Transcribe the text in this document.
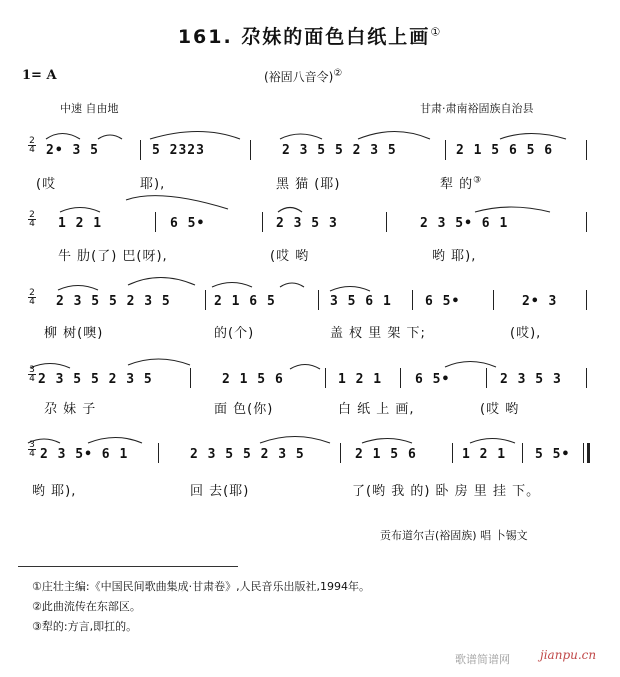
161. 尕妹的面色白纸上画①
1= A	(裕固八音令)②
中速 自由地	甘肃·肃南裕固族自治县
2
4 2• 3 5	5 2323	2 3 5 5 2 3 5	2 1 5 6 5 6
(哎	耶),	黑 猫 (耶)	犁 的③
2
4 1 2 1	6 5•	2 3 5 3	2 3 5• 6 1
牛 肋(了) 巴(呀),	(哎 哟	哟 耶),
2
4 2 3 5 5 2 3 5	2 1 6 5	3 5 6 1	6 5•	2• 3
柳 树(噢)	的(个)	盖 杈 里 架 下;	(哎),
3
4 2 3 5 5 2 3 5	2 1 5 6	1 2 1	6 5•	2 3 5 3
尕 妹 子	面 色(你)	白 纸 上 画,	(哎 哟
3
4 2 3 5• 6 1	2 3 5 5 2 3 5	2 1 5 6	1 2 1 5 5•
哟 耶),	回 去(耶)	了(哟 我 的) 卧 房 里 挂 下。
贡布道尔吉(裕固族) 唱 卜锡文
①庄壮主编:《中国民间歌曲集成·甘肃卷》,人民音乐出版社,1994年。
②此曲流传在东部区。
③犁的:方言,即扛的。
歌谱简谱网	jianpu.cn
